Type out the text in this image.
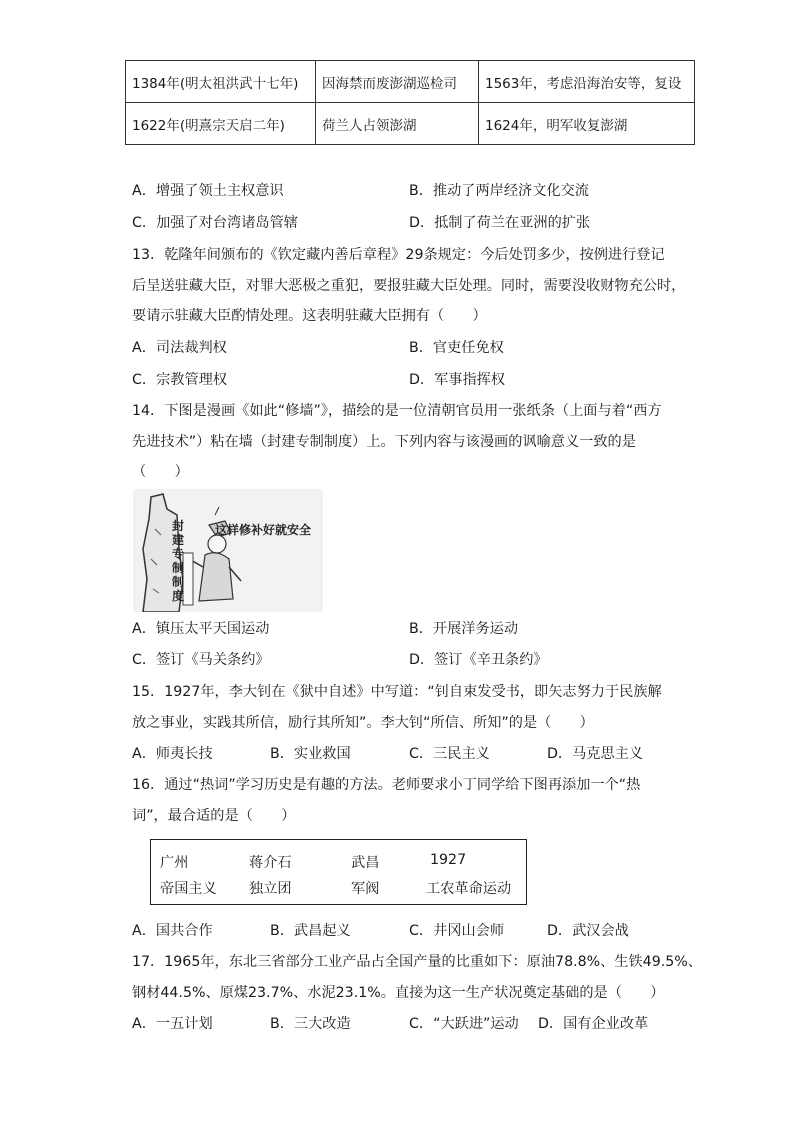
1384年(明太祖洪武十七年)	因海禁而废澎湖巡检司	1563年，考虑沿海治安等，复设
1622年(明熹宗天启二年)	荷兰人占领澎湖	1624年，明军收复澎湖
A．增强了领土主权意识	B．推动了两岸经济文化交流
C．加强了对台湾诸岛管辖	D．抵制了荷兰在亚洲的扩张
13．乾隆年间颁布的《钦定藏内善后章程》29条规定：今后处罚多少，按例进行登记
后呈送驻藏大臣，对罪大恶极之重犯，要报驻藏大臣处理。同时，需要没收财物充公时，
要请示驻藏大臣酌情处理。这表明驻藏大臣拥有（　　）
A．司法裁判权	B．官吏任免权
C．宗教管理权	D．军事指挥权
14．下图是漫画《如此“修墙”》，描绘的是一位清朝官员用一张纸条（上面与着“西方
先进技术”）粘在墙（封建专制制度）上。下列内容与该漫画的讽喻意义一致的是
（　　）
这样修补好就安全
封建专制制度
A．镇压太平天国运动	B．开展洋务运动
C．签订《马关条约》	D．签订《辛丑条约》
15．1927年，李大钊在《狱中自述》中写道：“钊自束发受书，即矢志努力于民族解
放之事业，实践其所信，励行其所知”。李大钊“所信、所知”的是（　　）
A．师夷长技	B．实业救国	C．三民主义	D．马克思主义
16．通过“热词”学习历史是有趣的方法。老师要求小丁同学给下图再添加一个“热
词”，最合适的是（　　）
广州	蒋介石	武昌	1927
帝国主义 独立团	军阀	工农革命运动
A．国共合作	B．武昌起义	C．井冈山会师	D．武汉会战
17．1965年，东北三省部分工业产品占全国产量的比重如下：原油78.8%、生铁49.5%、
钢材44.5%、原煤23.7%、水泥23.1%。直接为这一生产状况奠定基础的是（　　）
A．一五计划	B．三大改造	C．“大跃进”运动 D．国有企业改革
